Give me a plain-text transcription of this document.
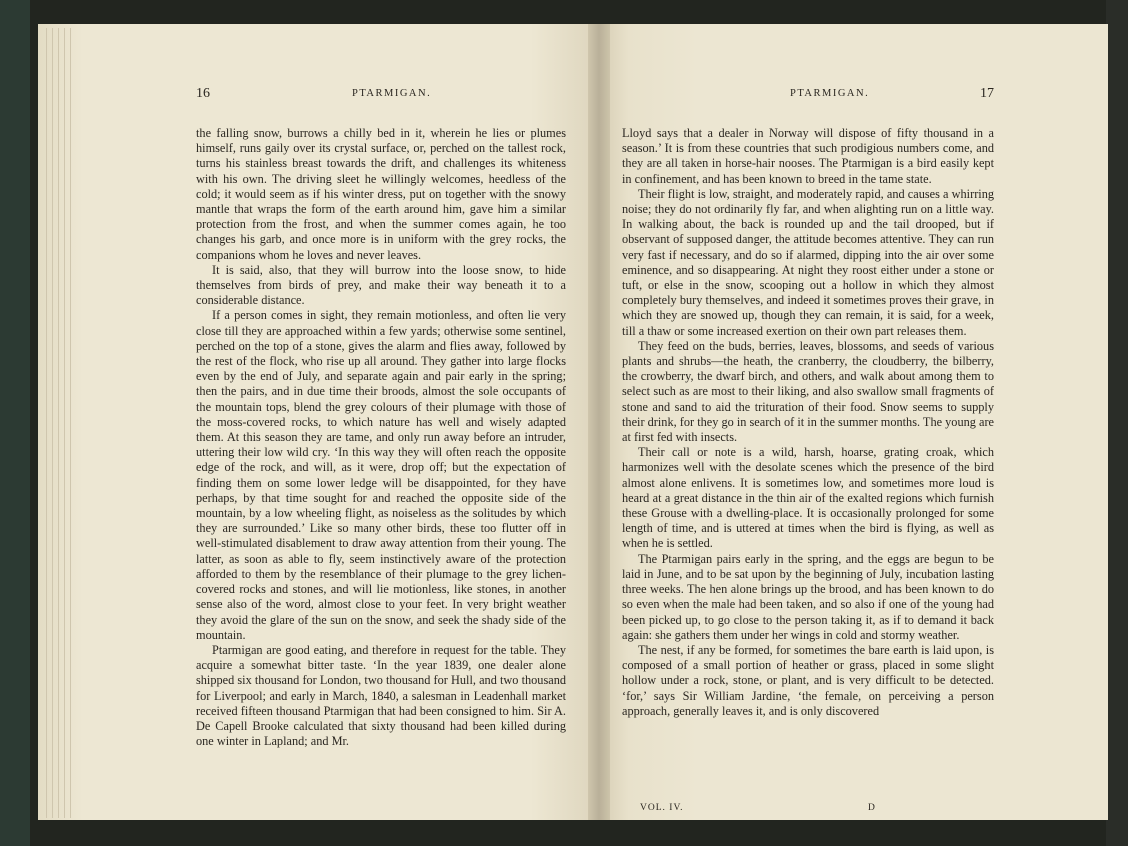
16	PTARMIGAN.

the falling snow, burrows a chilly bed in it, wherein he lies or plumes himself, runs gaily over its crystal surface, or, perched on the tallest rock, turns his stainless breast towards the drift, and challenges its whiteness with his own. The driving sleet he willingly welcomes, heedless of the cold; it would seem as if his winter dress, put on together with the snowy mantle that wraps the form of the earth around him, gave him a similar protection from the frost, and when the summer comes again, he too changes his garb, and once more is in uniform with the grey rocks, the companions whom he loves and never leaves.

It is said, also, that they will burrow into the loose snow, to hide themselves from birds of prey, and make their way beneath it to a considerable distance.

If a person comes in sight, they remain motionless, and often lie very close till they are approached within a few yards; otherwise some sentinel, perched on the top of a stone, gives the alarm and flies away, followed by the rest of the flock, who rise up all around. They gather into large flocks even by the end of July, and separate again and pair early in the spring; then the pairs, and in due time their broods, almost the sole occupants of the mountain tops, blend the grey colours of their plumage with those of the moss-covered rocks, to which nature has well and wisely adapted them. At this season they are tame, and only run away before an intruder, uttering their low wild cry. ‘In this way they will often reach the opposite edge of the rock, and will, as it were, drop off; but the expectation of finding them on some lower ledge will be disappointed, for they have perhaps, by that time sought for and reached the opposite side of the mountain, by a low wheeling flight, as noiseless as the solitudes by which they are surrounded.’ Like so many other birds, these too flutter off in well-stimulated disablement to draw away attention from their young. The latter, as soon as able to fly, seem instinctively aware of the protection afforded to them by the resemblance of their plumage to the grey lichen-covered rocks and stones, and will lie motionless, like stones, in another sense also of the word, almost close to your feet. In very bright weather they avoid the glare of the sun on the snow, and seek the shady side of the mountain.

Ptarmigan are good eating, and therefore in request for the table. They acquire a somewhat bitter taste. ‘In the year 1839, one dealer alone shipped six thousand for London, two thousand for Hull, and two thousand for Liverpool; and early in March, 1840, a salesman in Leadenhall market received fifteen thousand Ptarmigan that had been consigned to him. Sir A. De Capell Brooke calculated that sixty thousand had been killed during one winter in Lapland; and Mr.

PTARMIGAN.	17

Lloyd says that a dealer in Norway will dispose of fifty thousand in a season.’ It is from these countries that such prodigious numbers come, and they are all taken in horse-hair nooses. The Ptarmigan is a bird easily kept in confinement, and has been known to breed in the tame state.

Their flight is low, straight, and moderately rapid, and causes a whirring noise; they do not ordinarily fly far, and when alighting run on a little way. In walking about, the back is rounded up and the tail drooped, but if observant of supposed danger, the attitude becomes attentive. They can run very fast if necessary, and do so if alarmed, dipping into the air over some eminence, and so disappearing. At night they roost either under a stone or tuft, or else in the snow, scooping out a hollow in which they almost completely bury themselves, and indeed it sometimes proves their grave, in which they are snowed up, though they can remain, it is said, for a week, till a thaw or some increased exertion on their own part releases them.

They feed on the buds, berries, leaves, blossoms, and seeds of various plants and shrubs—the heath, the cranberry, the cloudberry, the bilberry, the crowberry, the dwarf birch, and others, and walk about among them to select such as are most to their liking, and also swallow small fragments of stone and sand to aid the trituration of their food. Snow seems to supply their drink, for they go in search of it in the summer months. The young are at first fed with insects.

Their call or note is a wild, harsh, hoarse, grating croak, which harmonizes well with the desolate scenes which the presence of the bird almost alone enlivens. It is sometimes low, and sometimes more loud is heard at a great distance in the thin air of the exalted regions which furnish these Grouse with a dwelling-place. It is occasionally prolonged for some length of time, and is uttered at times when the bird is flying, as well as when he is settled.

The Ptarmigan pairs early in the spring, and the eggs are begun to be laid in June, and to be sat upon by the beginning of July, incubation lasting three weeks. The hen alone brings up the brood, and has been known to do so even when the male had been taken, and so also if one of the young had been picked up, to go close to the person taking it, as if to demand it back again: she gathers them under her wings in cold and stormy weather.

The nest, if any be formed, for sometimes the bare earth is laid upon, is composed of a small portion of heather or grass, placed in some slight hollow under a rock, stone, or plant, and is very difficult to be detected. ‘for,’ says Sir William Jardine, ‘the female, on perceiving a person approach, generally leaves it, and is only discovered

VOL. IV.	D
